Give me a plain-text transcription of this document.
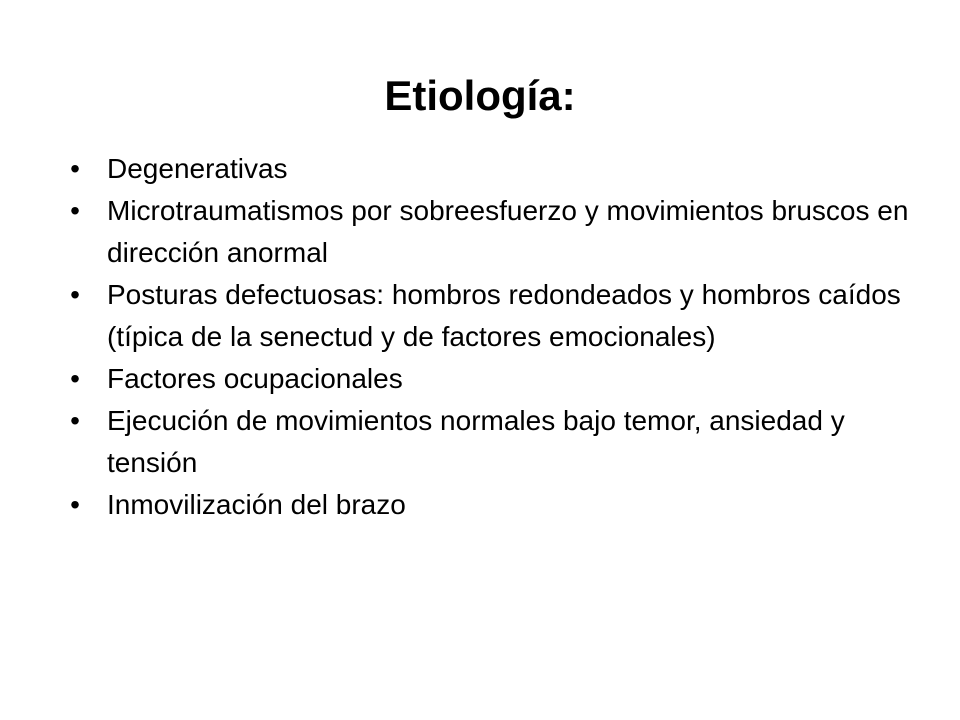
Etiología:
• Degenerativas
• Microtraumatismos por sobreesfuerzo y movimientos bruscos en dirección anormal
• Posturas defectuosas: hombros redondeados y hombros caídos (típica de la senectud y de factores emocionales)
• Factores ocupacionales
• Ejecución de movimientos normales bajo temor, ansiedad y tensión
• Inmovilización del brazo
